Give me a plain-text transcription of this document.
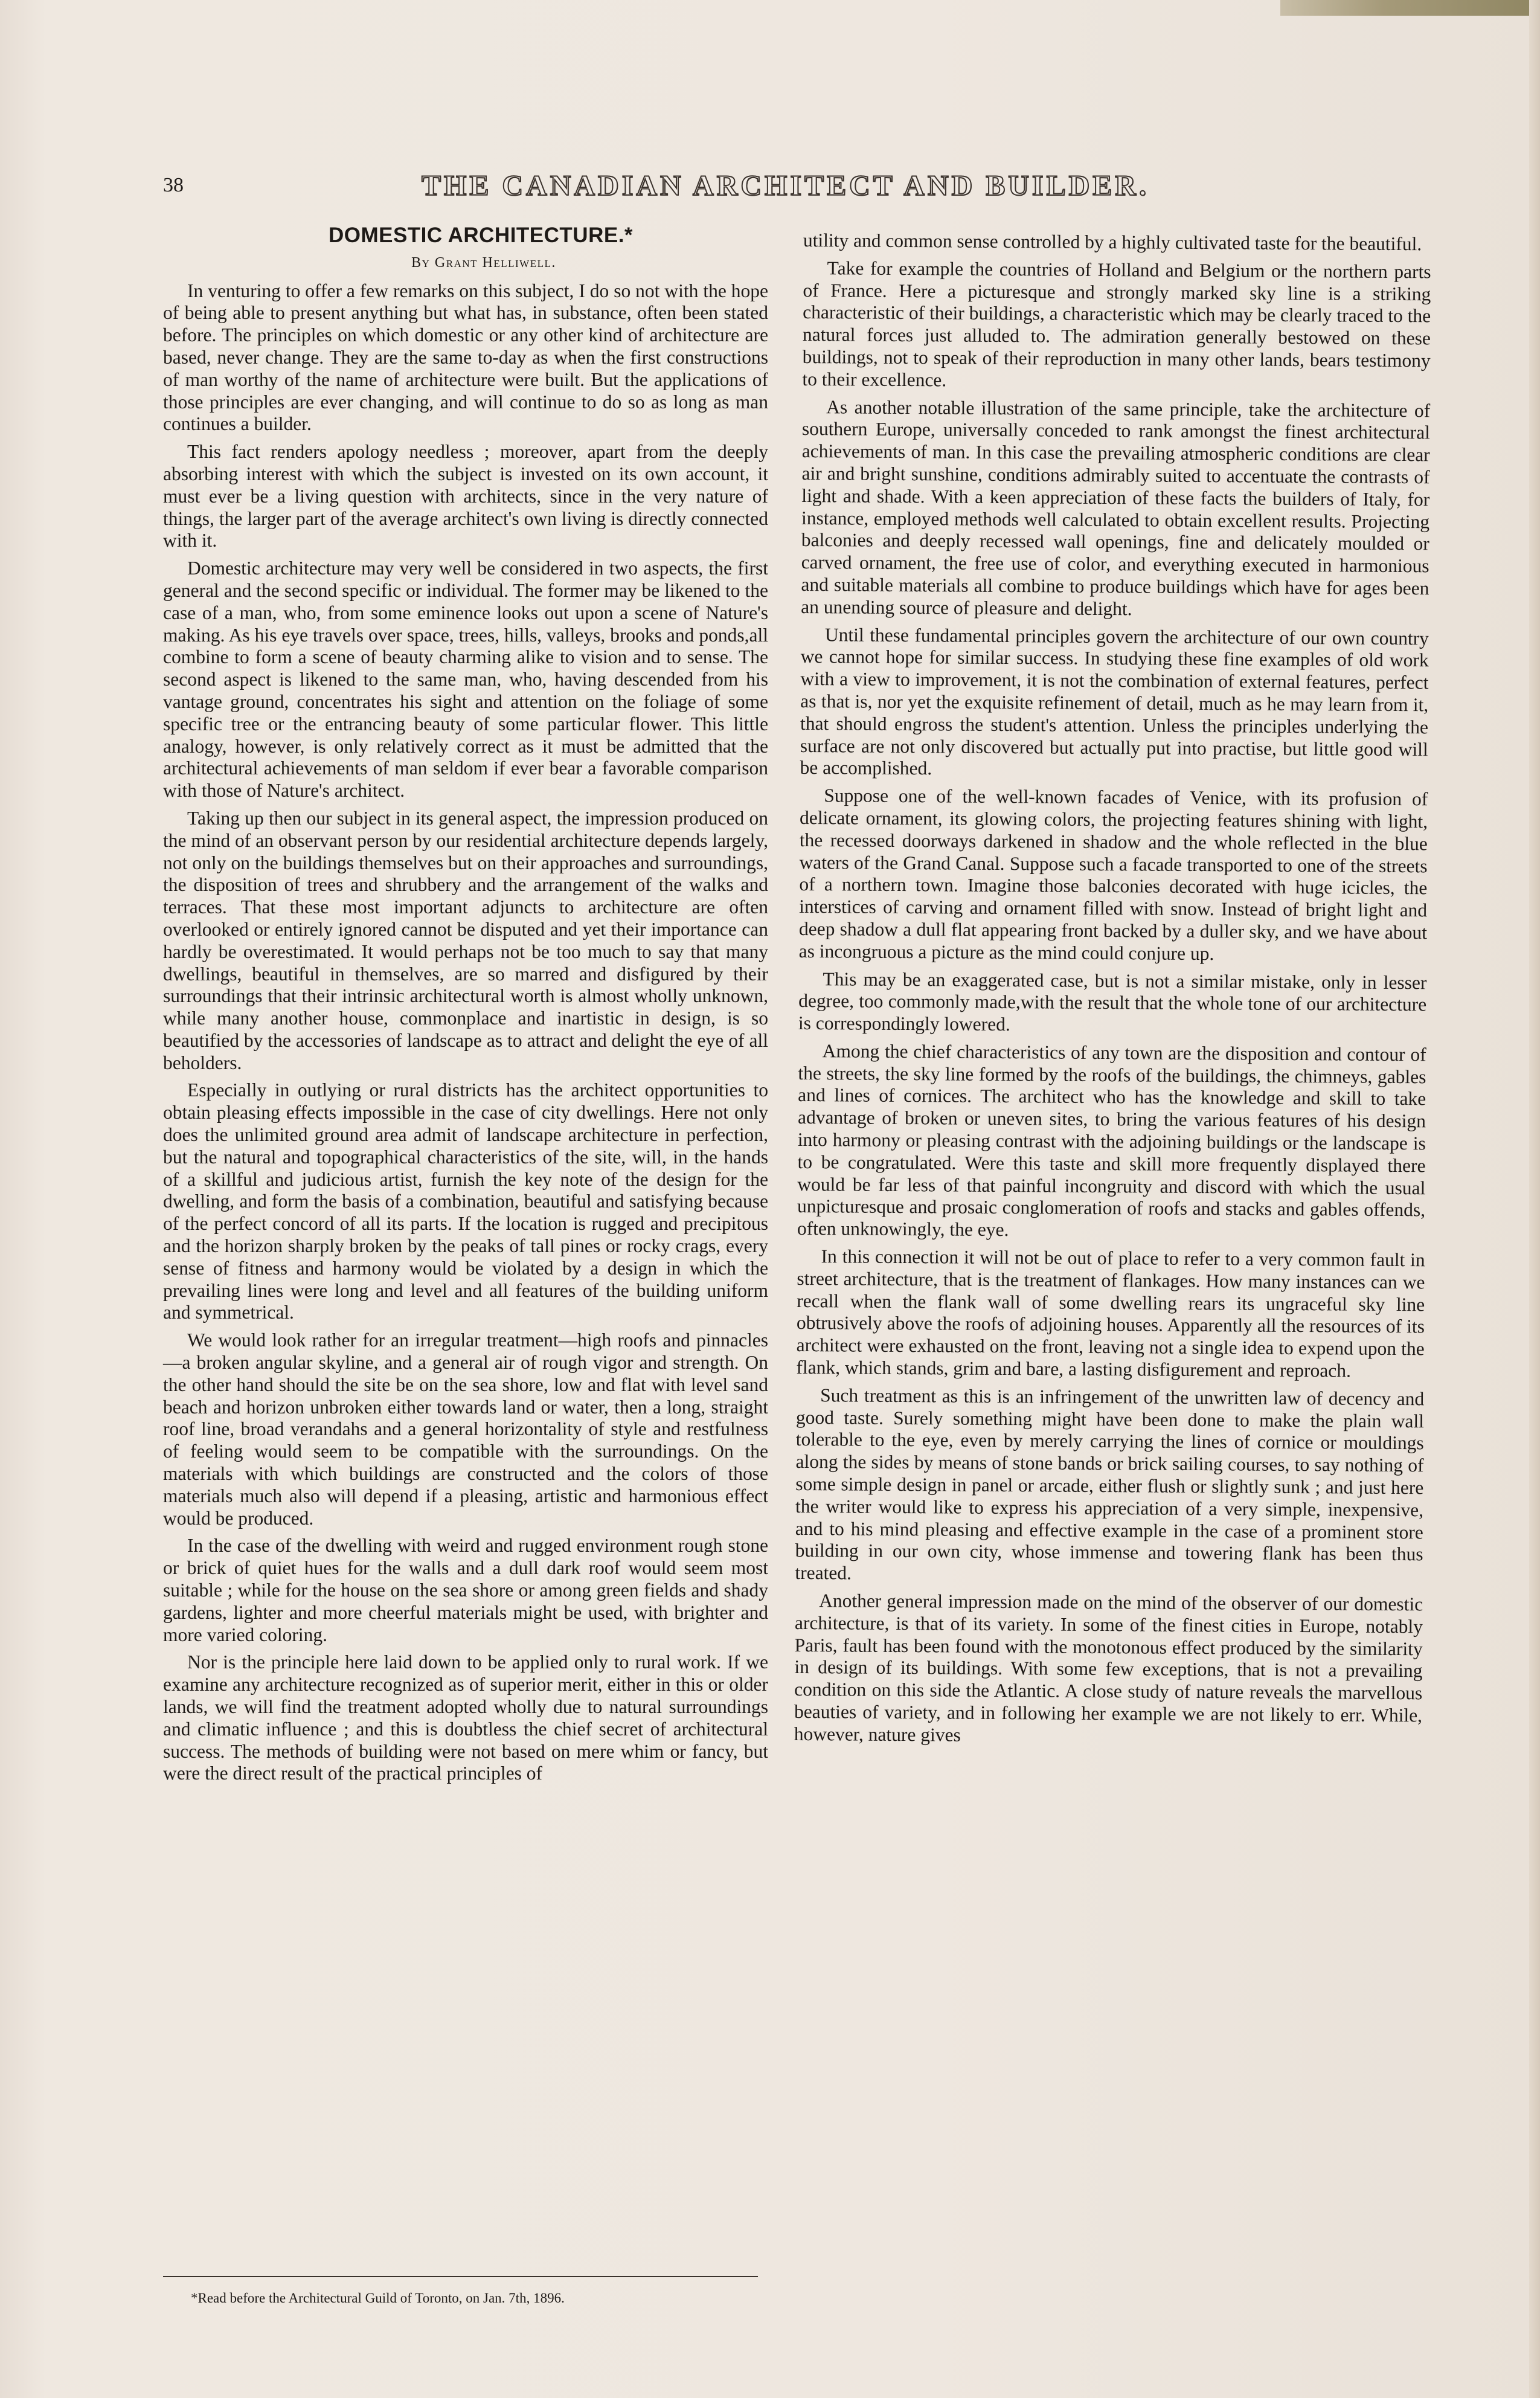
38	THE CANADIAN ARCHITECT AND BUILDER.
DOMESTIC ARCHITECTURE.*
By Grant Helliwell.

In venturing to offer a few remarks on this subject, I do so not with the hope of being able to present anything but what has, in substance, often been stated before. The principles on which domestic or any other kind of architecture are based, never change. They are the same to-day as when the first constructions of man worthy of the name of architecture were built. But the applications of those principles are ever changing, and will continue to do so as long as man continues a builder.

This fact renders apology needless ; moreover, apart from the deeply absorbing interest with which the subject is invested on its own account, it must ever be a living question with architects, since in the very nature of things, the larger part of the average architect's own living is directly connected with it.

Domestic architecture may very well be considered in two aspects, the first general and the second specific or individual. The former may be likened to the case of a man, who, from some eminence looks out upon a scene of Nature's making. As his eye travels over space, trees, hills, valleys, brooks and ponds,all combine to form a scene of beauty charming alike to vision and to sense. The second aspect is likened to the same man, who, having descended from his vantage ground, concentrates his sight and attention on the foliage of some specific tree or the entrancing beauty of some particular flower. This little analogy, however, is only relatively correct as it must be admitted that the architectural achievements of man seldom if ever bear a favorable comparison with those of Nature's architect.

Taking up then our subject in its general aspect, the impression produced on the mind of an observant person by our residential architecture depends largely, not only on the buildings themselves but on their approaches and surroundings, the disposition of trees and shrubbery and the arrangement of the walks and terraces. That these most important adjuncts to architecture are often overlooked or entirely ignored cannot be disputed and yet their importance can hardly be overestimated. It would perhaps not be too much to say that many dwellings, beautiful in themselves, are so marred and disfigured by their surroundings that their intrinsic architectural worth is almost wholly unknown, while many another house, commonplace and inartistic in design, is so beautified by the accessories of landscape as to attract and delight the eye of all beholders.

Especially in outlying or rural districts has the architect opportunities to obtain pleasing effects impossible in the case of city dwellings. Here not only does the unlimited ground area admit of landscape architecture in perfection, but the natural and topographical characteristics of the site, will, in the hands of a skillful and judicious artist, furnish the key note of the design for the dwelling, and form the basis of a combination, beautiful and satisfying because of the perfect concord of all its parts. If the location is rugged and precipitous and the horizon sharply broken by the peaks of tall pines or rocky crags, every sense of fitness and harmony would be violated by a design in which the prevailing lines were long and level and all features of the building uniform and symmetrical.

We would look rather for an irregular treatment—high roofs and pinnacles—a broken angular skyline, and a general air of rough vigor and strength. On the other hand should the site be on the sea shore, low and flat with level sand beach and horizon unbroken either towards land or water, then a long, straight roof line, broad verandahs and a general horizontality of style and restfulness of feeling would seem to be compatible with the surroundings. On the materials with which buildings are constructed and the colors of those materials much also will depend if a pleasing, artistic and harmonious effect would be produced.

In the case of the dwelling with weird and rugged environment rough stone or brick of quiet hues for the walls and a dull dark roof would seem most suitable ; while for the house on the sea shore or among green fields and shady gardens, lighter and more cheerful materials might be used, with brighter and more varied coloring.

Nor is the principle here laid down to be applied only to rural work. If we examine any architecture recognized as of superior merit, either in this or older lands, we will find the treatment adopted wholly due to natural surroundings and climatic influence ; and this is doubtless the chief secret of architectural success. The methods of building were not based on mere whim or fancy, but were the direct result of the practical principles of

utility and common sense controlled by a highly cultivated taste for the beautiful.

Take for example the countries of Holland and Belgium or the northern parts of France. Here a picturesque and strongly marked sky line is a striking characteristic of their buildings, a characteristic which may be clearly traced to the natural forces just alluded to. The admiration generally bestowed on these buildings, not to speak of their reproduction in many other lands, bears testimony to their excellence.

As another notable illustration of the same principle, take the architecture of southern Europe, universally conceded to rank amongst the finest architectural achievements of man. In this case the prevailing atmospheric conditions are clear air and bright sunshine, conditions admirably suited to accentuate the contrasts of light and shade. With a keen appreciation of these facts the builders of Italy, for instance, employed methods well calculated to obtain excellent results. Projecting balconies and deeply recessed wall openings, fine and delicately moulded or carved ornament, the free use of color, and everything executed in harmonious and suitable materials all combine to produce buildings which have for ages been an unending source of pleasure and delight.

Until these fundamental principles govern the architecture of our own country we cannot hope for similar success. In studying these fine examples of old work with a view to improvement, it is not the combination of external features, perfect as that is, nor yet the exquisite refinement of detail, much as he may learn from it, that should engross the student's attention. Unless the principles underlying the surface are not only discovered but actually put into practise, but little good will be accomplished.

Suppose one of the well-known facades of Venice, with its profusion of delicate ornament, its glowing colors, the projecting features shining with light, the recessed doorways darkened in shadow and the whole reflected in the blue waters of the Grand Canal. Suppose such a facade transported to one of the streets of a northern town. Imagine those balconies decorated with huge icicles, the interstices of carving and ornament filled with snow. Instead of bright light and deep shadow a dull flat appearing front backed by a duller sky, and we have about as incongruous a picture as the mind could conjure up.

This may be an exaggerated case, but is not a similar mistake, only in lesser degree, too commonly made,with the result that the whole tone of our architecture is correspondingly lowered.

Among the chief characteristics of any town are the disposition and contour of the streets, the sky line formed by the roofs of the buildings, the chimneys, gables and lines of cornices. The architect who has the knowledge and skill to take advantage of broken or uneven sites, to bring the various features of his design into harmony or pleasing contrast with the adjoining buildings or the landscape is to be congratulated. Were this taste and skill more frequently displayed there would be far less of that painful incongruity and discord with which the usual unpicturesque and prosaic conglomeration of roofs and stacks and gables offends, often unknowingly, the eye.

In this connection it will not be out of place to refer to a very common fault in street architecture, that is the treatment of flankages. How many instances can we recall when the flank wall of some dwelling rears its ungraceful sky line obtrusively above the roofs of adjoining houses. Apparently all the resources of its architect were exhausted on the front, leaving not a single idea to expend upon the flank, which stands, grim and bare, a lasting disfigurement and reproach.

Such treatment as this is an infringement of the unwritten law of decency and good taste. Surely something might have been done to make the plain wall tolerable to the eye, even by merely carrying the lines of cornice or mouldings along the sides by means of stone bands or brick sailing courses, to say nothing of some simple design in panel or arcade, either flush or slightly sunk ; and just here the writer would like to express his appreciation of a very simple, inexpensive, and to his mind pleasing and effective example in the case of a prominent store building in our own city, whose immense and towering flank has been thus treated.

Another general impression made on the mind of the observer of our domestic architecture, is that of its variety. In some of the finest cities in Europe, notably Paris, fault has been found with the monotonous effect produced by the similarity in design of its buildings. With some few exceptions, that is not a prevailing condition on this side the Atlantic. A close study of nature reveals the marvellous beauties of variety, and in following her example we are not likely to err. While, however, nature gives

*Read before the Architectural Guild of Toronto, on Jan. 7th, 1896.
